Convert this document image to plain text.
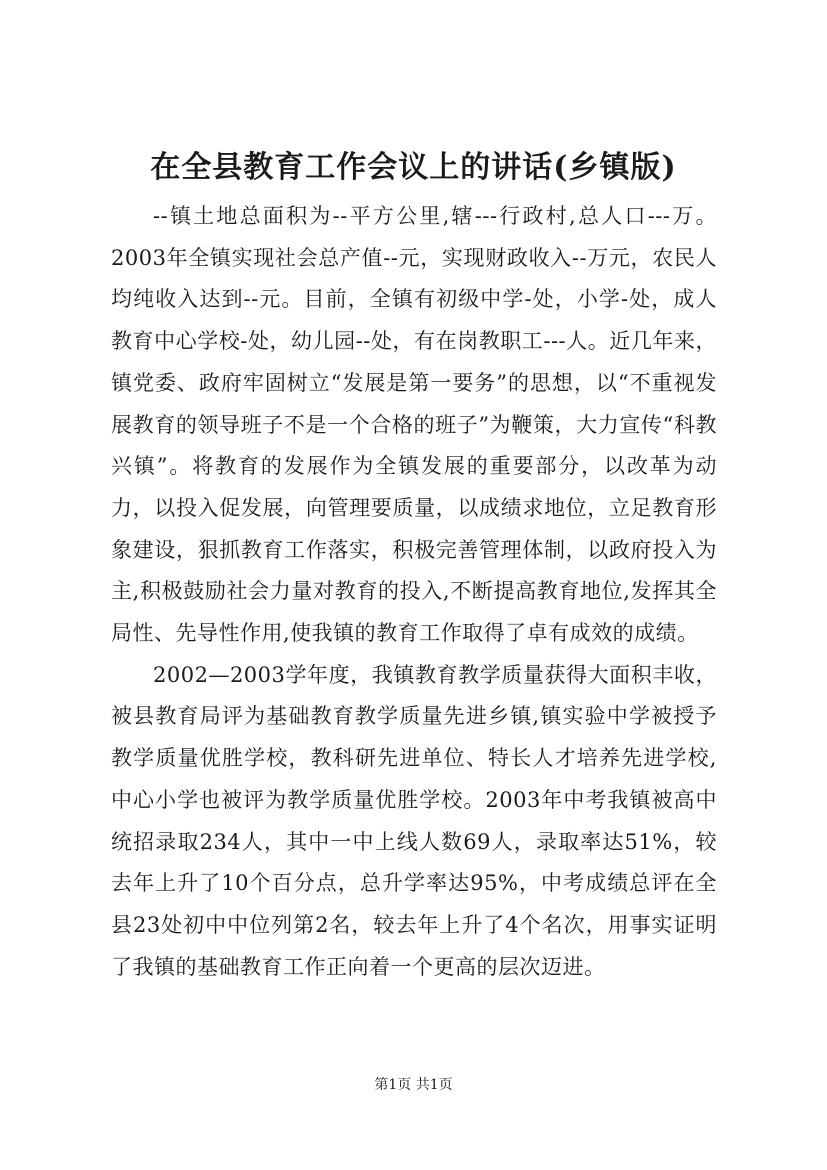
在全县教育工作会议上的讲话(乡镇版)

--镇土地总面积为--平方公里,辖---行政村,总人口---万。2003年全镇实现社会总产值--元，实现财政收入--万元，农民人均纯收入达到--元。目前，全镇有初级中学-处，小学-处，成人教育中心学校-处，幼儿园--处，有在岗教职工---人。近几年来，镇党委、政府牢固树立“发展是第一要务”的思想，以“不重视发展教育的领导班子不是一个合格的班子”为鞭策，大力宣传“科教兴镇”。将教育的发展作为全镇发展的重要部分，以改革为动力，以投入促发展，向管理要质量，以成绩求地位，立足教育形象建设，狠抓教育工作落实，积极完善管理体制，以政府投入为主,积极鼓励社会力量对教育的投入,不断提高教育地位,发挥其全局性、先导性作用,使我镇的教育工作取得了卓有成效的成绩。

2002—2003学年度，我镇教育教学质量获得大面积丰收，被县教育局评为基础教育教学质量先进乡镇,镇实验中学被授予教学质量优胜学校，教科研先进单位、特长人才培养先进学校,中心小学也被评为教学质量优胜学校。2003年中考我镇被高中统招录取234人，其中一中上线人数69人，录取率达51%，较去年上升了10个百分点，总升学率达95%，中考成绩总评在全县23处初中中位列第2名，较去年上升了4个名次，用事实证明了我镇的基础教育工作正向着一个更高的层次迈进。

第1页 共1页
